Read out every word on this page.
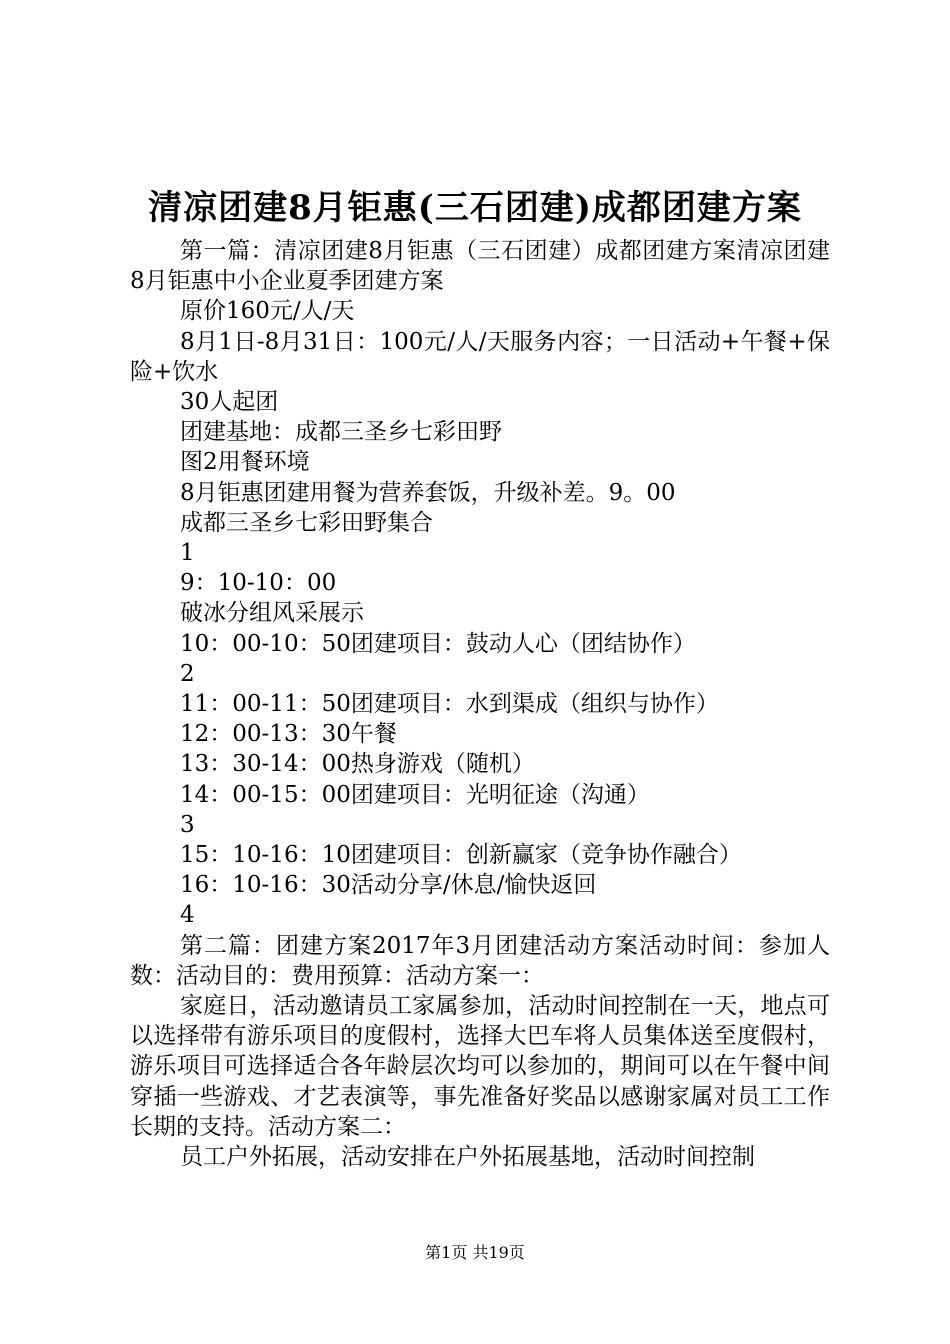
清凉团建8月钜惠(三石团建)成都团建方案

第一篇：清凉团建8月钜惠（三石团建）成都团建方案清凉团建8月钜惠中小企业夏季团建方案

原价160元/人/天

8月1日-8月31日：100元/人/天服务内容；一日活动+午餐+保险+饮水

30人起团

团建基地：成都三圣乡七彩田野

图2用餐环境

8月钜惠团建用餐为营养套饭，升级补差。9。00

成都三圣乡七彩田野集合

1

9：10-10：00

破冰分组风采展示

10：00-10：50团建项目：鼓动人心（团结协作）

2

11：00-11：50团建项目：水到渠成（组织与协作）

12：00-13：30午餐

13：30-14：00热身游戏（随机）

14：00-15：00团建项目：光明征途（沟通）

3

15：10-16：10团建项目：创新赢家（竞争协作融合）

16：10-16：30活动分享/休息/愉快返回

4

第二篇：团建方案2017年3月团建活动方案活动时间：参加人数：活动目的：费用预算：活动方案一：

家庭日，活动邀请员工家属参加，活动时间控制在一天，地点可以选择带有游乐项目的度假村，选择大巴车将人员集体送至度假村，游乐项目可选择适合各年龄层次均可以参加的，期间可以在午餐中间穿插一些游戏、才艺表演等，事先准备好奖品以感谢家属对员工工作长期的支持。活动方案二：

员工户外拓展，活动安排在户外拓展基地，活动时间控制

第1页 共19页
